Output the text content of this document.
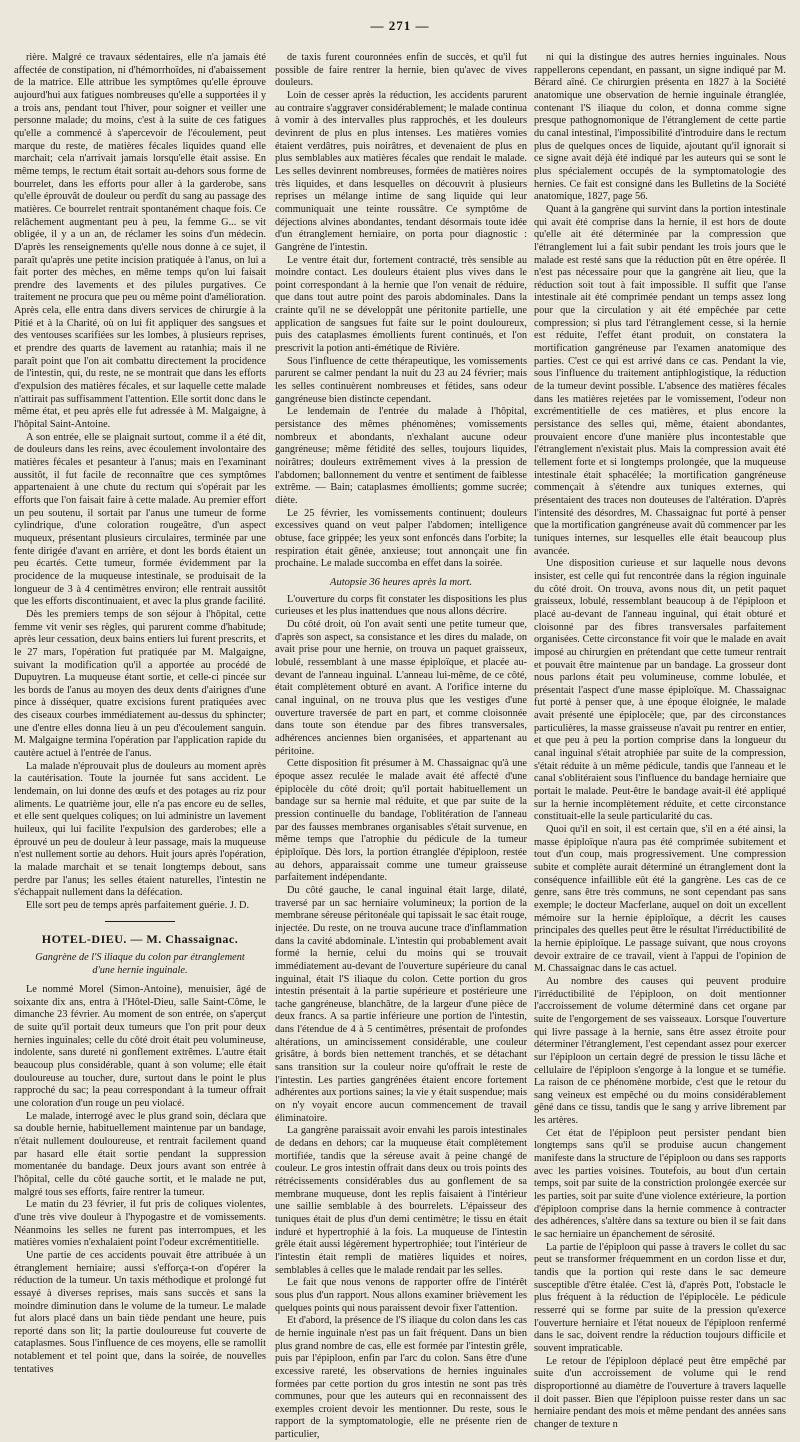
— 271 —

rière. Malgré ce travaux sédentaires, elle n'a jamais été affectée de constipation, ni d'hémorrhoïdes, ni d'abaissement de la matrice. Elle attribue les symptômes qu'elle éprouve aujourd'hui aux fatigues nombreuses qu'elle a supportées il y a trois ans, pendant tout l'hiver, pour soigner et veiller une personne malade; du moins, c'est à la suite de ces fatigues qu'elle a commencé à s'apercevoir de l'écoulement, peut marque du reste, de matières fécales liquides quand elle marchait; cela n'arrivait jamais lorsqu'elle était assise. En même temps, le rectum était sortait au-dehors sous forme de bourrelet, dans les efforts pour aller à la garderobe, sans qu'elle éprouvât de douleur ou perdît du sang au passage des matières. Ce bourrelet rentrait spontanément chaque fois. Ce relâchement augmentant peu à peu, la femme G... se vit obligée, il y a un an, de réclamer les soins d'un médecin. D'après les renseignements qu'elle nous donne à ce sujet, il paraît qu'après une petite incision pratiquée à l'anus, on lui a fait porter des mèches, en même temps qu'on lui faisait prendre des lavements et des pilules purgatives. Ce traitement ne procura que peu ou même point d'amélioration. Après cela, elle entra dans divers services de chirurgie à la Pitié et à la Charité, où on lui fit appliquer des sangsues et des ventouses scarifiées sur les lombes, à plusieurs reprises, et prendre des quarts de lavement au ratanhia; mais il ne paraît point que l'on ait combattu directement la procidence de l'intestin, qui, du reste, ne se montrait que dans les efforts d'expulsion des matières fécales, et sur laquelle cette malade n'attirait pas suffisamment l'attention. Elle sortit donc dans le même état, et peu après elle fut adressée à M. Malgaigne, à l'hôpital Saint-Antoine.

A son entrée, elle se plaignait surtout, comme il a été dit, de douleurs dans les reins, avec écoulement involontaire des matières fécales et pesanteur à l'anus; mais en l'examinant aussitôt, il fut facile de reconnaître que ces symptômes appartenaient à une chute du rectum qui s'opérait par les efforts que l'on faisait faire à cette malade. Au premier effort un peu soutenu, il sortait par l'anus une tumeur de forme cylindrique, d'une coloration rougeâtre, d'un aspect muqueux, présentant plusieurs circulaires, terminée par une fente dirigée d'avant en arrière, et dont les bords étaient un peu écartés. Cette tumeur, formée évidemment par la procidence de la muqueuse intestinale, se produisait de la longueur de 3 à 4 centimètres environ; elle rentrait aussitôt que les efforts discontinuaient, et avec la plus grande facilité.

Dès les premiers temps de son séjour à l'hôpital, cette femme vit venir ses règles, qui parurent comme d'habitude; après leur cessation, deux bains entiers lui furent prescrits, et le 27 mars, l'opération fut pratiquée par M. Malgaigne, suivant la modification qu'il a apportée au procédé de Dupuytren. La muqueuse étant sortie, et celle-ci pincée sur les bords de l'anus au moyen des deux dents d'airignes d'une pince à disséquer, quatre excisions furent pratiquées avec des ciseaux courbes immédiatement au-dessus du sphincter; une d'entre elles donna lieu à un peu d'écoulement sanguin. M. Malgaigne termina l'opération par l'application rapide du cautère actuel à l'entrée de l'anus.

La malade n'éprouvait plus de douleurs au moment après la cautérisation. Toute la journée fut sans accident. Le lendemain, on lui donne des œufs et des potages au riz pour aliments. Le quatrième jour, elle n'a pas encore eu de selles, et elle sent quelques coliques; on lui administre un lavement huileux, qui lui facilite l'expulsion des garderobes; elle a éprouvé un peu de douleur à leur passage, mais la muqueuse n'est nullement sortie au dehors. Huit jours après l'opération, la malade marchait et se tenait longtemps debout, sans perdre par l'anus; les selles étaient naturelles, l'intestin ne s'échappait nullement dans la défécation.

Elle sort peu de temps après parfaitement guérie. J. D.

HOTEL-DIEU. — M. Chassaignac.
Gangrène de l'S iliaque du colon par étranglement d'une hernie inguinale.

Le nommé Morel (Simon-Antoine), menuisier, âgé de soixante dix ans, entra à l'Hôtel-Dieu, salle Saint-Côme, le dimanche 23 février. Au moment de son entrée, on s'aperçut de suite qu'il portait deux tumeurs que l'on prit pour deux hernies inguinales; celle du côté droit était peu volumineuse, indolente, sans dureté ni gonflement extrêmes. L'autre était beaucoup plus considérable, quant à son volume; elle était douloureuse au toucher, dure, surtout dans le point le plus rapproché du sac; la peau correspondant à la tumeur offrait une coloration d'un rouge un peu violacé.

Le malade, interrogé avec le plus grand soin, déclara que sa double hernie, habituellement maintenue par un bandage, n'était nullement douloureuse, et rentrait facilement quand par hasard elle était sortie pendant la suppression momentanée du bandage. Deux jours avant son entrée à l'hôpital, celle du côté gauche sortit, et le malade ne put, malgré tous ses efforts, faire rentrer la tumeur.

Le matin du 23 février, il fut pris de coliques violentes, d'une très vive douleur à l'hypogastre et de vomissements. Néanmoins les selles ne furent pas interrompues, et les matières vomies n'exhalaient point l'odeur excrémentitielle.

Une partie de ces accidents pouvait être attribuée à un étranglement herniaire; aussi s'efforça-t-on d'opérer la réduction de la tumeur. Un taxis méthodique et prolongé fut essayé à diverses reprises, mais sans succès et sans la moindre diminution dans le volume de la tumeur. Le malade fut alors placé dans un bain tiède pendant une heure, puis reporté dans son lit; la partie douloureuse fut couverte de cataplasmes. Sous l'influence de ces moyens, elle se ramollit notablement et tel point que, dans la soirée, de nouvelles tentatives

de taxis furent couronnées enfin de succès, et qu'il fut possible de faire rentrer la hernie, bien qu'avec de vives douleurs.

Loin de cesser après la réduction, les accidents parurent au contraire s'aggraver considérablement; le malade continua à vomir à des intervalles plus rapprochés, et les douleurs devinrent de plus en plus intenses. Les matières vomies étaient verdâtres, puis noirâtres, et devenaient de plus en plus semblables aux matières fécales que rendait le malade. Les selles devinrent nombreuses, formées de matières noires très liquides, et dans lesquelles on découvrit à plusieurs reprises un mélange intime de sang liquide qui leur communiquait une teinte roussâtre. Ce symptôme de déjections alvines abondantes, tendant désormais toute idée d'un étranglement herniaire, on porta pour diagnostic : Gangrène de l'intestin.

Le ventre était dur, fortement contracté, très sensible au moindre contact. Les douleurs étaient plus vives dans le point correspondant à la hernie que l'on venait de réduire, que dans tout autre point des parois abdominales. Dans la crainte qu'il ne se développât une péritonite partielle, une application de sangsues fut faite sur le point douloureux, puis des cataplasmes émollients furent continués, et l'on prescrivit la potion anti-émétique de Rivière.

Sous l'influence de cette thérapeutique, les vomissements parurent se calmer pendant la nuit du 23 au 24 février; mais les selles continuèrent nombreuses et fétides, sans odeur gangréneuse bien distincte cependant.

Le lendemain de l'entrée du malade à l'hôpital, persistance des mêmes phénomènes; vomissements nombreux et abondants, n'exhalant aucune odeur gangréneuse; même fétidité des selles, toujours liquides, noirâtres; douleurs extrêmement vives à la pression de l'abdomen; ballonnement du ventre et sentiment de faiblesse extrême. — Bain; cataplasmes émollients; gomme sucrée; diète.

Le 25 février, les vomissements continuent; douleurs excessives quand on veut palper l'abdomen; intelligence obtuse, face grippée; les yeux sont enfoncés dans l'orbite; la respiration était gênée, anxieuse; tout annonçait une fin prochaine. Le malade succomba en effet dans la soirée.

Autopsie 36 heures après la mort.

L'ouverture du corps fit constater les dispositions les plus curieuses et les plus inattendues que nous allons décrire.

Du côté droit, où l'on avait senti une petite tumeur que, d'après son aspect, sa consistance et les dires du malade, on avait prise pour une hernie, on trouva un paquet graisseux, lobulé, ressemblant à une masse épiploïque, et placée au-devant de l'anneau inguinal. L'anneau lui-même, de ce côté, était complètement obturé en avant. A l'orifice interne du canal inguinal, on ne trouva plus que les vestiges d'une ouverture traversée de part en part, et comme cloisonnée dans toute son étendue par des fibres transversales, adhérences anciennes bien organisées, et appartenant au péritoine.

Cette disposition fit présumer à M. Chassaignac qu'à une époque assez reculée le malade avait été affecté d'une épiplocèle du côté droit; qu'il portait habituellement un bandage sur sa hernie mal réduite, et que par suite de la pression continuelle du bandage, l'oblitération de l'anneau par des fausses membranes organisables s'était survenue, en même temps que l'atrophie du pédicule de la tumeur épiploïque. Dès lors, la portion étranglée d'épiploon, restée au dehors, apparaissait comme une tumeur graisseuse parfaitement indépendante.

Du côté gauche, le canal inguinal était large, dilaté, traversé par un sac herniaire volumineux; la portion de la membrane séreuse péritonéale qui tapissait le sac était rouge, injectée. Du reste, on ne trouva aucune trace d'inflammation dans la cavité abdominale. L'intestin qui probablement avait formé la hernie, celui du moins qui se trouvait immédiatement au-devant de l'ouverture supérieure du canal inguinal, était l'S iliaque du colon. Cette portion du gros intestin présentait à la partie supérieure et postérieure une tache gangréneuse, blanchâtre, de la largeur d'une pièce de deux francs. A sa partie inférieure une portion de l'intestin, dans l'étendue de 4 à 5 centimètres, présentait de profondes altérations, un amincissement considérable, une couleur grisâtre, à bords bien nettement tranchés, et se détachant sans transition sur la couleur noire qu'offrait le reste de l'intestin. Les parties gangrénées étaient encore fortement adhérentes aux portions saines; la vie y était suspendue; mais on n'y voyait encore aucun commencement de travail éliminatoire.

La gangrène paraissait avoir envahi les parois intestinales de dedans en dehors; car la muqueuse était complètement mortifiée, tandis que la séreuse avait à peine changé de couleur. Le gros intestin offrait dans deux ou trois points des rétrécissements considérables dus au gonflement de sa membrane muqueuse, dont les replis faisaient à l'intérieur une saillie semblable à des bourrelets. L'épaisseur des tuniques était de plus d'un demi centimètre; le tissu en était induré et hypertrophié à la fois. La muqueuse de l'intestin grêle était aussi légèrement hypertrophiée; tout l'intérieur de l'intestin était rempli de matières liquides et noires, semblables à celles que le malade rendait par les selles.

Le fait que nous venons de rapporter offre de l'intérêt sous plus d'un rapport. Nous allons examiner brièvement les quelques points qui nous paraissent devoir fixer l'attention.

Et d'abord, la présence de l'S iliaque du colon dans les cas de hernie inguinale n'est pas un fait fréquent. Dans un bien plus grand nombre de cas, elle est formée par l'intestin grêle, puis par l'épiploon, enfin par l'arc du colon. Sans être d'une excessive rareté, les observations de hernies inguinales formées par cette portion du gros intestin ne sont pas très communes, pour que les auteurs qui en reconnaissent des exemples croient devoir les mentionner. Du reste, sous le rapport de la symptomatologie, elle ne présente rien de particulier,

ni qui la distingue des autres hernies inguinales. Nous rappellerons cependant, en passant, un signe indiqué par M. Bérard aîné. Ce chirurgien présenta en 1827 à la Société anatomique une observation de hernie inguinale étranglée, contenant l'S iliaque du colon, et donna comme signe presque pathognomonique de l'étranglement de cette partie du canal intestinal, l'impossibilité d'introduire dans le rectum plus de quelques onces de liquide, ajoutant qu'il ignorait si ce signe avait déjà été indiqué par les auteurs qui se sont le plus spécialement occupés de la symptomatologie des hernies. Ce fait est consigné dans les Bulletins de la Société anatomique, 1827, page 56.

Quant à la gangrène qui survint dans la portion intestinale qui avait été comprise dans la hernie, il est hors de doute qu'elle ait été déterminée par la compression que l'étranglement lui a fait subir pendant les trois jours que le malade est resté sans que la réduction pût en être opérée. Il n'est pas nécessaire pour que la gangrène ait lieu, que la réduction soit tout à fait impossible. Il suffit que l'anse intestinale ait été comprimée pendant un temps assez long pour que la circulation y ait été empêchée par cette compression; si plus tard l'étranglement cesse, si la hernie est réduite, l'effet étant produit, on constatera la mortification gangréneuse par l'examen anatomique des parties. C'est ce qui est arrivé dans ce cas. Pendant la vie, sous l'influence du traitement antiphlogistique, la réduction de la tumeur devint possible. L'absence des matières fécales dans les matières rejetées par le vomissement, l'odeur non excrémentitielle de ces matières, et plus encore la persistance des selles qui, même, étaient abondantes, prouvaient encore d'une manière plus incontestable que l'étranglement n'existait plus. Mais la compression avait été tellement forte et si longtemps prolongée, que la muqueuse intestinale était sphacélée; la mortification gangréneuse commençait à s'étendre aux tuniques externes, qui présentaient des traces non douteuses de l'altération. D'après l'intensité des désordres, M. Chassaignac fut porté à penser que la mortification gangréneuse avait dû commencer par les tuniques internes, sur lesquelles elle était beaucoup plus avancée.

Une disposition curieuse et sur laquelle nous devons insister, est celle qui fut rencontrée dans la région inguinale du côté droit. On trouva, avons nous dit, un petit paquet graisseux, lobulé, ressemblant beaucoup à de l'épiploon et placé au-devant de l'anneau inguinal, qui était obturé et cloisonné par des fibres transversales parfaitement organisées. Cette circonstance fit voir que le malade en avait imposé au chirurgien en prétendant que cette tumeur rentrait et pouvait être maintenue par un bandage. La grosseur dont nous parlons était peu volumineuse, comme lobulée, et présentait l'aspect d'une masse épiploïque. M. Chassaignac fut porté à penser que, à une époque éloignée, le malade avait présenté une épiplocèle; que, par des circonstances particulières, la masse graisseuse n'avait pu rentrer en entier, et que peu à peu la portion comprise dans la longueur du canal inguinal s'était atrophiée par suite de la compression, s'était réduite à un même pédicule, tandis que l'anneau et le canal s'oblitéraient sous l'influence du bandage herniaire que portait le malade. Peut-être le bandage avait-il été appliqué sur la hernie incomplètement réduite, et cette circonstance constituait-elle la seule particularité du cas.

Quoi qu'il en soit, il est certain que, s'il en a été ainsi, la masse épiploïque n'aura pas été comprimée subitement et tout d'un coup, mais progressivement. Une compression subite et complète aurait déterminé un étranglement dont la conséquence infaillible eût été la gangrène. Les cas de ce genre, sans être très communs, ne sont cependant pas sans exemple; le docteur Macferlane, auquel on doit un excellent mémoire sur la hernie épiploïque, a décrit les causes principales des quelles peut être le résultat l'irréductibilité de la hernie épiploïque. Le passage suivant, que nous croyons devoir extraire de ce travail, vient à l'appui de l'opinion de M. Chassaignac dans le cas actuel.

Au nombre des causes qui peuvent produire l'irréductibilité de l'épiploon, on doit mentionner l'accroissement de volume déterminé dans cet organe par suite de l'engorgement de ses vaisseaux. Lorsque l'ouverture qui livre passage à la hernie, sans être assez étroite pour déterminer l'étranglement, l'est cependant assez pour exercer sur l'épiploon un certain degré de pression le tissu lâche et cellulaire de l'épiploon s'engorge à la longue et se tuméfie. La raison de ce phénomène morbide, c'est que le retour du sang veineux est empêché ou du moins considérablement gêné dans ce tissu, tandis que le sang y arrive librement par les artères.

Cet état de l'épiploon peut persister pendant bien longtemps sans qu'il se produise aucun changement manifeste dans la structure de l'épiploon ou dans ses rapports avec les parties voisines. Toutefois, au bout d'un certain temps, soit par suite de la constriction prolongée exercée sur les parties, soit par suite d'une violence extérieure, la portion d'épiploon comprise dans la hernie commence à contracter des adhérences, s'altère dans sa texture ou bien il se fait dans le sac herniaire un épanchement de sérosité.

La partie de l'épiploon qui passe à travers le collet du sac peut se transformer fréquemment en un cordon lisse et dur, tandis que la portion qui reste dans le sac demeure susceptible d'être étalée. C'est là, d'après Pott, l'obstacle le plus fréquent à la réduction de l'épiplocèle. Le pédicule resserré qui se forme par suite de la pression qu'exerce l'ouverture herniaire et l'état noueux de l'épiploon renfermé dans le sac, doivent rendre la réduction toujours difficile et souvent impraticable.

Le retour de l'épiploon déplacé peut être empêché par suite d'un accroissement de volume qui le rend disproportionné au diamètre de l'ouverture à travers laquelle il doit passer. Bien que l'épiploon puisse rester dans un sac herniaire pendant des mois et même pendant des années sans changer de texture n
